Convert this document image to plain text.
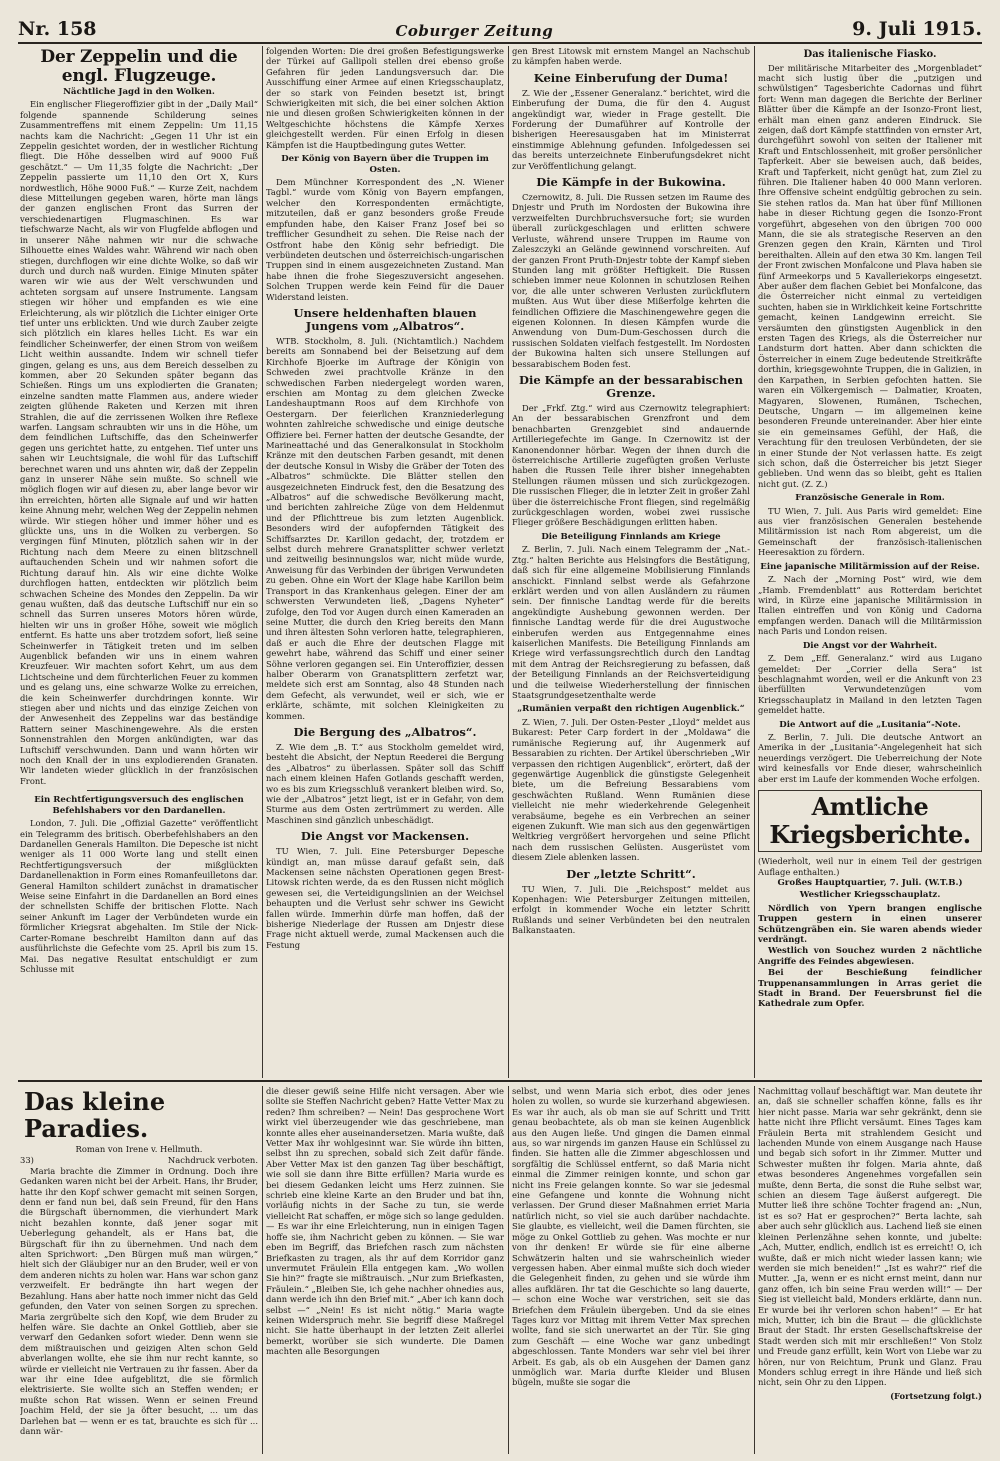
Nr. 158	Coburger Zeitung	9. Juli 1915.
Der Zeppelin und die engl. Flugzeuge.
Nächtliche Jagd in den Wolken.

Ein englischer Fliegeroffizier gibt in der „Daily Mail“ folgende spannende Schilderung seines Zusammentreffens mit einem Zeppelin: Um 11,15 nachts kam die Nachricht: „Gegen 11 Uhr ist ein Zeppelin gesichtet worden, der in westlicher Richtung fliegt. Die Höhe desselben wird auf 9000 Fuß geschätzt.“ — Um 11,35 folgte die Nachricht: „Der Zeppelin passierte um 11,10 den Ort X, Kurs nordwestlich, Höhe 9000 Fuß.“ — Kurze Zeit, nachdem diese Mitteilungen gegeben waren, hörte man längs der ganzen englischen Front das Surren der verschiedenartigen Flugmaschinen. Es war tiefschwarze Nacht, als wir von Flugfelde abflogen und in unserer Nähe nahmen wir nur die schwache Silhouette eines Waldes wahr. Während wir nach oben stiegen, durchflogen wir eine dichte Wolke, so daß wir durch und durch naß wurden. Einige Minuten später waren wir wie aus der Welt verschwunden und achteten sorgsam auf unsere Instrumente. Langsam stiegen wir höher und empfanden es wie eine Erleichterung, als wir plötzlich die Lichter einiger Orte tief unter uns erblickten. Und wie durch Zauber zeigte sich plötzlich ein klares helles Licht. Es war ein feindlicher Scheinwerfer, der einen Strom von weißem Licht weithin aussandte. Indem wir schnell tiefer gingen, gelang es uns, aus dem Bereich desselben zu kommen, aber 20 Sekunden später begann das Schießen. Rings um uns explodierten die Granaten; einzelne sandten matte Flammen aus, andere wieder zeigten glühende Raketen und Kerzen mit ihren Strahlen, die auf die zerrissenen Wolken ihre Reflexe warfen. Langsam schraubten wir uns in die Höhe, um dem feindlichen Luftschiffe, das den Scheinwerfer gegen uns gerichtet hatte, zu entgehen. Tief unter uns sahen wir Leuchtsignale, die wohl für das Luftschiff berechnet waren und uns ahnten wir, daß der Zeppelin ganz in unserer Nähe sein mußte. So schnell wie möglich flogen wir auf diesen zu, aber lange bevor wir ihn erreichten, hörten alle Signale auf und wir hatten keine Ahnung mehr, welchen Weg der Zeppelin nehmen würde. Wir stiegen höher und immer höher und es glückte uns, uns in die Wolken zu verbergen. So vergingen fünf Minuten, plötzlich sahen wir in der Richtung nach dem Meere zu einen blitzschnell auftauchenden Schein und wir nahmen sofort die Richtung darauf hin. Als wir eine dichte Wolke durchflogen hatten, entdeckten wir plötzlich beim schwachen Scheine des Mondes den Zeppelin. Da wir genau wußten, daß das deutsche Luftschiff nur ein so schnell das Surren unseres Motors hören würde, hielten wir uns in großer Höhe, soweit wie möglich entfernt. Es hatte uns aber trotzdem sofort, ließ seine Scheinwerfer in Tätigkeit treten und im selben Augenblick befanden wir uns in einem wahren Kreuzfeuer. Wir machten sofort Kehrt, um aus dem Lichtscheine und dem fürchterlichen Feuer zu kommen und es gelang uns, eine schwarze Wolke zu erreichen, die kein Scheinwerfer durchdringen konnte. Wir stiegen aber und nichts und das einzige Zeichen von der Anwesenheit des Zeppelins war das beständige Rattern seiner Maschinengewehre. Als die ersten Sonnenstrahlen den Morgen ankündigten, war das Luftschiff verschwunden. Dann und wann hörten wir noch den Knall der in uns explodierenden Granaten. Wir landeten wieder glücklich in der französischen Front.

Ein Rechtfertigungsversuch des englischen Befehlshabers vor den Dardanellen.

London, 7. Juli. Die „Offizial Gazette“ veröffentlicht ein Telegramm des britisch. Oberbefehlshabers an den Dardanellen Generals Hamilton. Die Depesche ist nicht weniger als 11 000 Worte lang und stellt einen Rechtfertigungsversuch der mißglückten Dardanellenaktion in Form eines Romanfeuilletons dar. General Hamilton schildert zunächst in dramatischer Weise seine Einfahrt in die Dardanellen an Bord eines der schnellsten Schiffe der britischen Flotte. Nach seiner Ankunft im Lager der Verbündeten wurde ein förmlicher Kriegsrat abgehalten. Im Stile der Nick-Carter-Romane beschreibt Hamilton dann auf das ausführlichste die Gefechte vom 25. April bis zum 15. Mai. Das negative Resultat entschuldigt er zum Schlusse mit

folgenden Worten: Die drei großen Befestigungswerke der Türkei auf Gallipoli stellen drei ebenso große Gefahren für jeden Landungsversuch dar. Die Ausschiffung einer Armee auf einen Kriegsschauplatz, der so stark von Feinden besetzt ist, bringt Schwierigkeiten mit sich, die bei einer solchen Aktion nie und diesen großen Schwierigkeiten können in der Weltgeschichte höchstens die Kämpfe Xerxes gleichgestellt werden. Für einen Erfolg in diesen Kämpfen ist die Hauptbedingung gutes Wetter.

Der König von Bayern über die Truppen im Osten.

Dem Münchner Korrespondent des „N. Wiener Tagbl.“ wurde vom König von Bayern empfangen, welcher den Korrespondenten ermächtigte, mitzuteilen, daß er ganz besonders große Freude empfunden habe, den Kaiser Franz Josef bei so trefflicher Gesundheit zu sehen. Die Reise nach der Ostfront habe den König sehr befriedigt. Die verbündeten deutschen und österreichisch-ungarischen Truppen sind in einem ausgezeichneten Zustand. Man habe ihnen die frohe Siegeszuversicht angesehen. Solchen Truppen werde kein Feind für die Dauer Widerstand leisten.

Unsere heldenhaften blauen Jungens vom „Albatros“.

WTB. Stockholm, 8. Juli. (Nichtamtlich.) Nachdem bereits am Sonnabend bei der Beisetzung auf dem Kirchhofe Bjoerke im Auftrage der Königin von Schweden zwei prachtvolle Kränze in den schwedischen Farben niedergelegt worden waren, erschien am Montag zu dem gleichen Zwecke Landeshauptmann Roos auf dem Kirchhofe von Oestergarn. Der feierlichen Kranzniederlegung wohnten zahlreiche schwedische und einige deutsche Offiziere bei. Ferner hatten der deutsche Gesandte, der Marineattaché und das Generalkonsulat in Stockholm Kränze mit den deutschen Farben gesandt, mit denen der deutsche Konsul in Wisby die Gräber der Toten des „Albatros“ schmückte. Die Blätter stellen den ausgezeichneten Eindruck fest, den die Besatzung des „Albatros“ auf die schwedische Bevölkerung macht, und berichten zahlreiche Züge von dem Heldenmut und der Pflichttreue bis zum letzten Augenblick. Besonders wird der aufopfernden Tätigkeit des Schiffsarztes Dr. Karillon gedacht, der, trotzdem er selbst durch mehrere Granatsplitter schwer verletzt und zeitweilig besinnungslos war, nicht müde wurde, Anweisung für das Verbinden der übrigen Verwundeten zu geben. Ohne ein Wort der Klage habe Karillon beim Transport in das Krankenhaus gelegen. Einer der am schwersten Verwundeten ließ, „Dagens Nyheter“ zufolge, den Tod vor Augen durch einen Kameraden an seine Mutter, die durch den Krieg bereits den Mann und ihren ältesten Sohn verloren hatte, telegraphieren, daß er auch die Ehre der deutschen Flagge mit gewehrt habe, während das Schiff und einer seiner Söhne verloren gegangen sei. Ein Unteroffizier, dessen halber Oberarm von Granatsplittern zerfetzt war, meldete sich erst am Sonntag, also 48 Stunden nach dem Gefecht, als verwundet, weil er sich, wie er erklärte, schämte, mit solchen Kleinigkeiten zu kommen.

Die Bergung des „Albatros“.

Z. Wie dem „B. T.“ aus Stockholm gemeldet wird, besteht die Absicht, der Neptun Reederei die Bergung des „Albatros“ zu überlassen. Später soll das Schiff nach einem kleinen Hafen Gotlands geschafft werden, wo es bis zum Kriegsschluß verankert bleiben wird. So, wie der „Albatros“ jetzt liegt, ist er in Gefahr, von dem Sturme aus dem Osten zertrümmert zu werden. Alle Maschinen sind gänzlich unbeschädigt.

Die Angst vor Mackensen.

TU Wien, 7. Juli. Eine Petersburger Depesche kündigt an, man müsse darauf gefaßt sein, daß Mackensen seine nächsten Operationen gegen Brest-Litowsk richten werde, da es den Russen nicht möglich gewesen sei, die Verteidigungslinien an der Weichsel behaupten und die Verlust sehr schwer ins Gewicht fallen würde. Immerhin dürfe man hoffen, daß der bisherige Niederlage der Russen am Dnjestr diese Frage nicht aktuell werde, zumal Mackensen auch die Festung

gen Brest Litowsk mit ernstem Mangel an Nachschub zu kämpfen haben werde.

Keine Einberufung der Duma!

Z. Wie der „Essener Generalanz.“ berichtet, wird die Einberufung der Duma, die für den 4. August angekündigt war, wieder in Frage gestellt. Die Forderung der Dumaführer auf Kontrolle der bisherigen Heeresausgaben hat im Ministerrat einstimmige Ablehnung gefunden. Infolgedessen sei das bereits unterzeichnete Einberufungsdekret nicht zur Veröffentlichung gelangt.

Die Kämpfe in der Bukowina.

Czernowitz, 8. Juli. Die Russen setzen im Raume des Dnjestr und Pruth im Nordosten der Bukowina ihre verzweifelten Durchbruchsversuche fort; sie wurden überall zurückgeschlagen und erlitten schwere Verluste, während unsere Truppen im Raume von Zaleszczyki an Gelände gewinnend vorschreiten. Auf der ganzen Front Pruth-Dnjestr tobte der Kampf sieben Stunden lang mit größter Heftigkeit. Die Russen schieben immer neue Kolonnen in schutzlosen Reihen vor, die alle unter schweren Verlusten zurückflutern mußten. Aus Wut über diese Mißerfolge kehrten die feindlichen Offiziere die Maschinengewehre gegen die eigenen Kolonnen. In diesen Kämpfen wurde die Anwendung von Dum-Dum-Geschossen durch die russischen Soldaten vielfach festgestellt. Im Nordosten der Bukowina halten sich unsere Stellungen auf bessarabischem Boden fest.

Die Kämpfe an der bessarabischen Grenze.

Der „Frkf. Ztg.“ wird aus Czernowitz telegraphiert: An der bessarabischen Grenzfront und dem benachbarten Grenzgebiet sind andauernde Artilleriegefechte im Gange. In Czernowitz ist der Kanonendonner hörbar. Wegen der ihnen durch die österreichische Artillerie zugefügten großen Verluste haben die Russen Teile ihrer bisher innegehabten Stellungen räumen müssen und sich zurückgezogen. Die russischen Flieger, die in letzter Zeit in großer Zahl über die österreichische Front fliegen, sind regelmäßig zurückgeschlagen worden, wobei zwei russische Flieger größere Beschädigungen erlitten haben.

Die Beteiligung Finnlands am Kriege

Z. Berlin, 7. Juli. Nach einem Telegramm der „Nat.-Ztg.“ halten Berichte aus Helsingfors die Bestätigung, daß sich für eine allgemeine Mobilisierung Finnlands anschickt. Finnland selbst werde als Gefahrzone erklärt werden und von allen Ausländern zu räumen sein. Der finnische Landtag werde für die bereits angekündigte Aushebung gewonnen werden. Der finnische Landtag werde für die drei Augustwoche einberufen werden aus Entgegennahme eines kaiserlichen Manifests. Die Beteiligung Finnlands am Kriege wird verfassungsrechtlich durch den Landtag mit dem Antrag der Reichsregierung zu befassen, daß der Beteiligung Finnlands an der Reichsverteidigung und die teilweise Wiederherstellung der finnischen Staatsgrundgesetzenthalte werde

„Rumänien verpaßt den richtigen Augenblick.“

Z. Wien, 7. Juli. Der Osten-Pester „Lloyd“ meldet aus Bukarest: Peter Carp fordert in der „Moldawa“ die rumänische Regierung auf, ihr Augenmerk auf Bessarabien zu richten. Der Artikel überschrieben „Wir verpassen den richtigen Augenblick“, erörtert, daß der gegenwärtige Augenblick die günstigste Gelegenheit biete, um die Befreiung Bessarabiens vom geschwächten Rußland. Wenn Rumänien diese vielleicht nie mehr wiederkehrende Gelegenheit verabsäume, begehe es ein Verbrechen an seiner eigenen Zukunft. Wie man sich aus den gegenwärtigen Weltkrieg vergrößert hervorgehen und seine Pflicht nach dem russischen Gelüsten. Ausgerüstet vom diesem Ziele ablenken lassen.

Der „letzte Schritt“.

TU Wien, 7. Juli. Die „Reichspost“ meldet aus Kopenhagen: Wie Petersburger Zeitungen mitteilen, erfolgt in kommender Woche ein letzter Schritt Rußlands und seiner Verbündeten bei den neutralen Balkanstaaten.

Das italienische Fiasko.

Der militärische Mitarbeiter des „Morgenbladet“ macht sich lustig über die „putzigen und schwülstigen“ Tagesberichte Cadornas und führt fort: Wenn man dagegen die Berichte der Berliner Blätter über die Kämpfe an der Isonzo-Front liest, erhält man einen ganz anderen Eindruck. Sie zeigen, daß dort Kämpfe stattfinden von ernster Art, durchgeführt sowohl von seiten der Italiener mit Kraft und Entschlossenheit, mit großer persönlicher Tapferkeit. Aber sie beweisen auch, daß beides, Kraft und Tapferkeit, nicht genügt hat, zum Ziel zu führen. Die Italiener haben 40 000 Mann verloren. Ihre Offensive scheint endgültig gebrochen zu sein. Sie stehen ratlos da. Man hat über fünf Millionen habe in dieser Richtung gegen die Isonzo-Front vorgeführt, abgesehen von den übrigen 700 000 Mann, die sie als strategische Reserven an den Grenzen gegen den Krain, Kärnten und Tirol bereithalten. Allein auf den etwa 30 Km. langen Teil der Front zwischen Monfalcone und Plava haben sie fünf Armeekorps und 5 Kavalleriekorps eingesetzt. Aber außer dem flachen Gebiet bei Monfalcone, das die Österreicher nicht einmal zu verteidigen suchten, haben sie in Wirklichkeit keine Fortschritte gemacht, keinen Landgewinn erreicht. Sie versäumten den günstigsten Augenblick in den ersten Tagen des Kriegs, als die Österreicher nur Landsturm dort hatten. Aber dann schickten die Österreicher in einem Zuge bedeutende Streitkräfte dorthin, kriegsgewohnte Truppen, die in Galizien, in den Karpathen, in Serbien gefochten hatten. Sie waren ein Völkergemisch — Dalmatier, Kroaten, Magyaren, Slowenen, Rumänen, Tschechen, Deutsche, Ungarn — im allgemeinen keine besonderen Freunde untereinander. Aber hier einte sie ein gemeinsames Gefühl, der Haß, die Verachtung für den treulosen Verbündeten, der sie in einer Stunde der Not verlassen hatte. Es zeigt sich schon, daß die Österreicher bis jetzt Sieger geblieben. Und wenn das so bleibt, geht es Italien nicht gut. (Z. Z.)

Französische Generale in Rom.

TU Wien, 7. Juli. Aus Paris wird gemeldet: Eine aus vier französischen Generalen bestehende Militärmission ist nach Rom abgereist, um die Gemeinschaft der französisch-italienischen Heeresaktion zu fördern.

Eine japanische Militärmission auf der Reise.

Z. Nach der „Morning Post“ wird, wie dem „Hamb. Fremdenblatt“ aus Rotterdam berichtet wird, in Kürze eine japanische Militärmission in Italien eintreffen und von König und Cadorna empfangen werden. Danach will die Militärmission nach Paris und London reisen.

Die Angst vor der Wahrheit.

Z. Dem „Eff. Generalanz.“ wird aus Lugano gemeldet: Der „Corrier della Sera“ ist beschlagnahmt worden, weil er die Ankunft von 23 überfüllten Verwundetenzügen vom Kriegsschauplatz in Mailand in den letzten Tagen gemeldet hatte.

Die Antwort auf die „Lusitania“-Note.

Z. Berlin, 7. Juli. Die deutsche Antwort an Amerika in der „Lusitania“-Angelegenheit hat sich neuerdings verzögert. Die Ueberreichung der Note wird keinesfalls vor Ende dieser, wahrscheinlich aber erst im Laufe der kommenden Woche erfolgen.

Amtliche Kriegsberichte.

(Wiederholt, weil nur in einem Teil der gestrigen Auflage enthalten.)

Großes Hauptquartier, 7. Juli. (W.T.B.)
Westlicher Kriegsschauplatz.

Nördlich von Ypern brangen englische Truppen gestern in einen unserer Schützengräben ein. Sie waren abends wieder verdrängt.

Westlich von Souchez wurden 2 nächtliche Angriffe des Feindes abgewiesen.

Bei der Beschießung feindlicher Truppenansammlungen in Arras geriet die Stadt in Brand. Der Feuersbrunst fiel die Kathedrale zum Opfer.

Das kleine Paradies.
Roman von Irene v. Hellmuth.
33)	Nachdruck verboten.

Maria brachte die Zimmer in Ordnung. Doch ihre Gedanken waren nicht bei der Arbeit. Hans, ihr Bruder, hatte ihr den Kopf schwer gemacht mit seinen Sorgen, denn er fand nun bei, daß sein Freund, für den Hans die Bürgschaft übernommen, die vierhundert Mark nicht bezahlen konnte, daß jener sogar mit Ueberlegung gehandelt, als er Hans bat, die Bürgschaft für ihn zu übernehmen. Und nach dem alten Sprichwort: „Den Bürgen muß man würgen,“ hielt sich der Gläubiger nur an den Bruder, weil er von dem anderen nichts zu holen war. Hans war schon ganz verzweifelt. Er bedrängte ihn hart wegen der Bezahlung. Hans aber hatte noch immer nicht das Geld gefunden, den Vater von seinen Sorgen zu sprechen. Maria zergrübelte sich den Kopf, wie dem Bruder zu helfen wäre. Sie dachte an Onkel Gottlieb, aber sie verwarf den Gedanken sofort wieder. Denn wenn sie dem mißtrauischen und geizigen Alten schon Geld abverlangen wollte, ehe sie ihm nur recht kannte, so würde er vielleicht nie Vertrauen zu ihr fassen. Aber da war ihr eine Idee aufgeblitzt, die sie förmlich elektrisierte. Sie wollte sich an Steffen wenden; er mußte schon Rat wissen. Wenn er seinen Freund Joachim Held, der sie ja öfter besucht, ... um das Darlehen bat — wenn er es tat, brauchte es sich für ... dann wär-

die dieser gewiß seine Hilfe nicht versagen. Aber wie sollte sie Steffen Nachricht geben? Hatte Vetter Max zu reden? Ihm schreiben? — Nein! Das gesprochene Wort wirkt viel überzeugender wie das geschriebene, man konnte alles eher auseinandersetzen. Maria wußte, daß Vetter Max ihr wohlgesinnt war. Sie würde ihn bitten, selbst ihn zu sprechen, sobald sich Zeit dafür fände. Aber Vetter Max ist den ganzen Tag über beschäftigt, wie soll sie dann ihre Bitte erfüllen? Maria wurde es bei diesem Gedanken leicht ums Herz zuinnen. Sie schrieb eine kleine Karte an den Bruder und bat ihn, vorläufig nichts in der Sache zu tun, sie werde vielleicht Rat schaffen, er möge sich so lange gedulden. — Es war ihr eine Erleichterung, nun in einigen Tagen hoffe sie, ihm Nachricht geben zu können. — Sie war eben im Begriff, das Briefchen rasch zum nächsten Briefkasten zu tragen, als ihr auf dem Korridor ganz unvermutet Fräulein Ella entgegen kam. „Wo wollen Sie hin?“ fragte sie mißtrauisch. „Nur zum Briefkasten, Fräulein.“ „Bleiben Sie, ich gehe nachher ohnedies aus, dann werde ich ihn den Brief mit.“ „Aber ich kann doch selbst —“ „Nein! Es ist nicht nötig.“ Maria wagte keinen Widerspruch mehr. Sie begriff diese Maßregel nicht. Sie hatte überhaupt in der letzten Zeit allerlei bemerkt, worüber sie sich wunderte. Die Damen machten alle Besorgungen

selbst, und wenn Maria sich erbot, dies oder jenes holen zu wollen, so wurde sie kurzerhand abgewiesen. Es war ihr auch, als ob man sie auf Schritt und Tritt genau beobachtete, als ob man sie keinen Augenblick aus den Augen ließe. Und gingen die Damen einmal aus, so war nirgends im ganzen Hause ein Schlüssel zu finden. Sie hatten alle die Zimmer abgeschlossen und sorgfältig die Schlüssel entfernt, so daß Maria nicht einmal die Zimmer reinigen konnte, und schon gar nicht ins Freie gelangen konnte. So war sie jedesmal eine Gefangene und konnte die Wohnung nicht verlassen. Der Grund dieser Maßnahmen erriet Maria natürlich nicht, so viel sie auch darüber nachdachte. Sie glaubte, es vielleicht, weil die Damen fürchten, sie möge zu Onkel Gottlieb zu gehen. Was mochte er nur von ihr denken! Er würde sie für eine alberne Schwätzerin halten und sie wahrscheinlich wieder vergessen haben. Aber einmal mußte sich doch wieder die Gelegenheit finden, zu gehen und sie würde ihm alles aufklären. Ihr tat die Geschichte so lang dauerte, — schon eine Woche war verstrichen, seit sie das Briefchen dem Fräulein übergeben. Und da sie eines Tages kurz vor Mittag mit ihrem Vetter Max sprechen wollte, fand sie sich unerwartet an der Tür. Sie ging zum Geschäft — eine Woche war ganz unbedingt abgeschlossen. Tante Monders war sehr viel bei ihrer Arbeit. Es gab, als ob ein Ausgehen der Damen ganz unmöglich war. Maria durfte Kleider und Blusen bügeln, mußte sie sogar die

Nachmittag vollauf beschäftigt war. Man deutete ihr an, daß sie schneller schaffen könne, falls es ihr hier nicht passe. Maria war sehr gekränkt, denn sie hatte nicht ihre Pflicht versäumt. Eines Tages kam Fräulein Berta mit strahlendem Gesicht und lachenden Munde von einem Ausgange nach Hause und begab sich sofort in ihr Zimmer. Mutter und Schwester mußten ihr folgen. Maria ahnte, daß etwas besonderes Angenehmes vorgefallen sein mußte, denn Berta, die sonst die Ruhe selbst war, schien an diesem Tage äußerst aufgeregt. Die Mutter ließ ihre schöne Tochter fragend an: „Nun, ist es so? Hat er gesprochen?“ Berta lachte, sah aber auch sehr glücklich aus. Lachend ließ sie einen kleinen Perlenzähne sehen konnte, und jubelte: „Ach, Mutter, endlich, endlich ist es erreicht! O, ich wußte, daß er mich nicht wieder lassen kann; wie werden sie mich beneiden!“ „Ist es wahr?“ rief die Mutter. „Ja, wenn er es nicht ernst meint, dann nur ganz offen, ich bin seine Frau werden will!“ — Der Sieg ist vielleicht bald, Monders erklärte, dann nun. Er wurde bei ihr verloren schon haben!“ — Er hat mich, Mutter, ich bin die Braut — die glücklichste Braut der Stadt. Ihr ersten Gesellschaftskreise der Stadt werden sich mit mir erschließen!“ Von Stolz und Freude ganz erfüllt, kein Wort von Liebe war zu hören, nur von Reichtum, Prunk und Glanz. Frau Monders schlug erregt in ihre Hände und ließ sich nicht, sein Ohr zu den Lippen.

(Fortsetzung folgt.)
